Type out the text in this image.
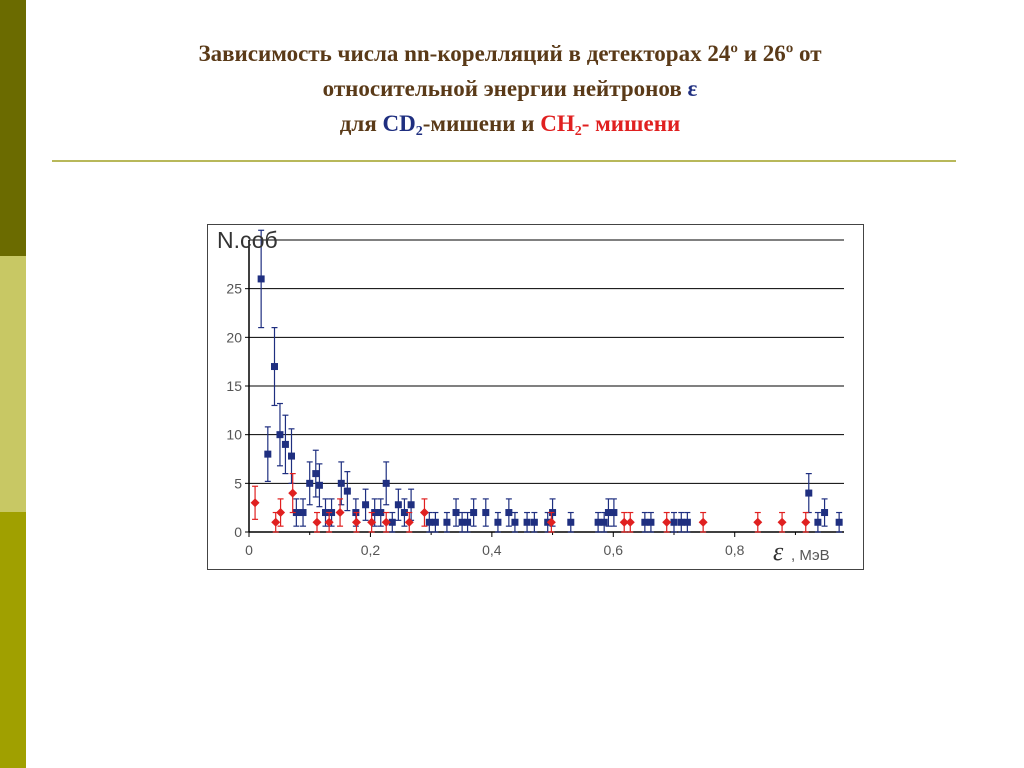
Зависимость числа nn-корелляций в детекторах 24º и 26º от
относительной энергии нейтронов ε
для $CD_2$-мишени и $CH_2-$ мишени
0
5
10
15
20
25
0	0,2	0,4	0,6	0,8
N.соб
ε , МэВ
